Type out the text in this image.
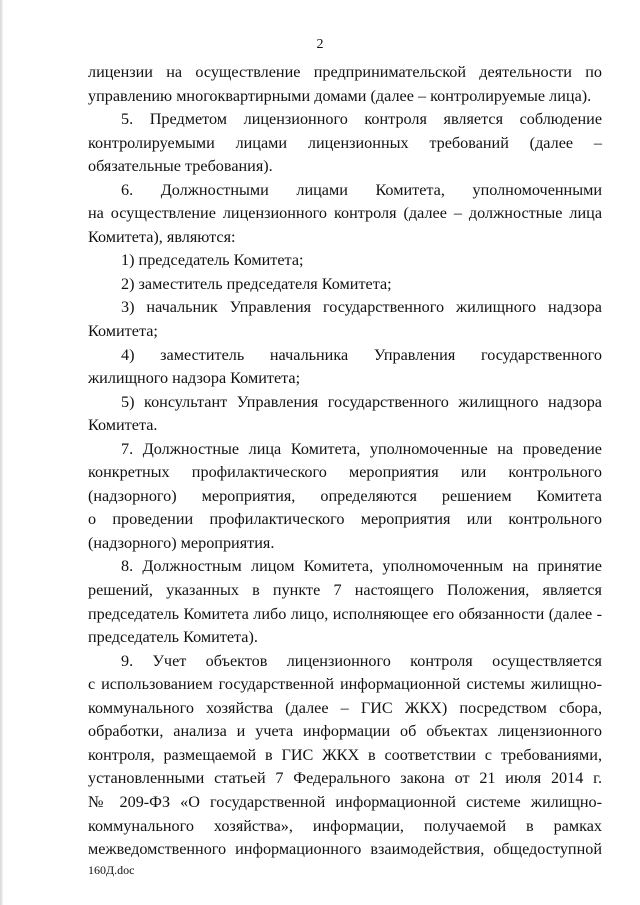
2

лицензии на осуществление предпринимательской деятельности по

управлению многоквартирными домами (далее – контролируемые лица).

5. Предметом лицензионного контроля является соблюдение

контролируемыми лицами лицензионных требований (далее –

обязательные требования).

6. Должностными лицами Комитета, уполномоченными

на осуществление лицензионного контроля (далее – должностные лица

Комитета), являются:

1) председатель Комитета;

2) заместитель председателя Комитета;

3) начальник Управления государственного жилищного надзора

Комитета;

4) заместитель начальника Управления государственного

жилищного надзора Комитета;

5) консультант Управления государственного жилищного надзора

Комитета.

7. Должностные лица Комитета, уполномоченные на проведение

конкретных профилактического мероприятия или контрольного

(надзорного) мероприятия, определяются решением Комитета

о проведении профилактического мероприятия или контрольного

(надзорного) мероприятия.

8. Должностным лицом Комитета, уполномоченным на принятие

решений, указанных в пункте 7 настоящего Положения, является

председатель Комитета либо лицо, исполняющее его обязанности (далее -

председатель Комитета).

9. Учет объектов лицензионного контроля осуществляется

с использованием государственной информационной системы жилищно-

коммунального хозяйства (далее – ГИС ЖКХ) посредством сбора,

обработки, анализа и учета информации об объектах лицензионного

контроля, размещаемой в ГИС ЖКХ в соответствии с требованиями,

установленными статьей 7 Федерального закона от 21 июля 2014 г.

№ 209-ФЗ «О государственной информационной системе жилищно-

коммунального хозяйства», информации, получаемой в рамках

межведомственного информационного взаимодействия, общедоступной

160Д.doc
